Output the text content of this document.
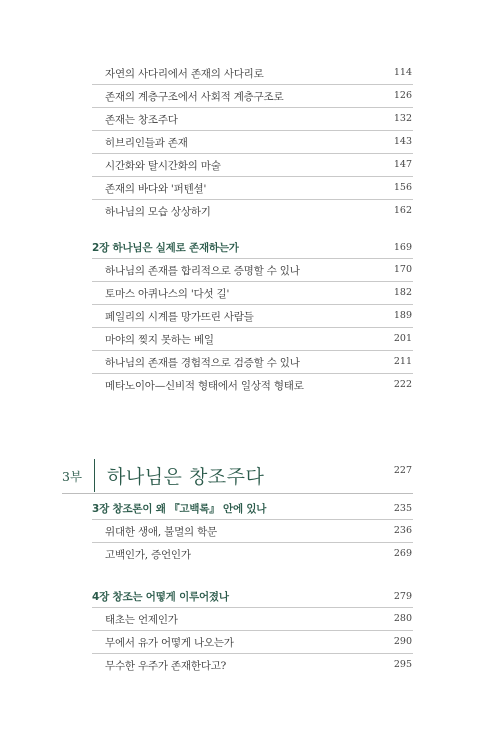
자연의 사다리에서 존재의 사다리로	114
존재의 계층구조에서 사회적 계층구조로	126
존재는 창조주다	132
히브리인들과 존재	143
시간화와 탈시간화의 마술	147
존재의 바다와 '퍼텐셜'	156
하나님의 모습 상상하기	162
2장 하나님은 실제로 존재하는가	169
하나님의 존재를 합리적으로 증명할 수 있나	170
토마스 아퀴나스의 '다섯 길'	182
페일리의 시계를 망가뜨린 사람들	189
마야의 찢지 못하는 베일	201
하나님의 존재를 경험적으로 검증할 수 있나	211
메타노이아—신비적 형태에서 일상적 형태로	222
3부 하나님은 창조주다	227
3장 창조론이 왜 『고백록』 안에 있나	235
위대한 생애, 불멸의 학문	236
고백인가, 증언인가	269
4장 창조는 어떻게 이루어졌나	279
태초는 언제인가	280
무에서 유가 어떻게 나오는가	290
무수한 우주가 존재한다고?	295
